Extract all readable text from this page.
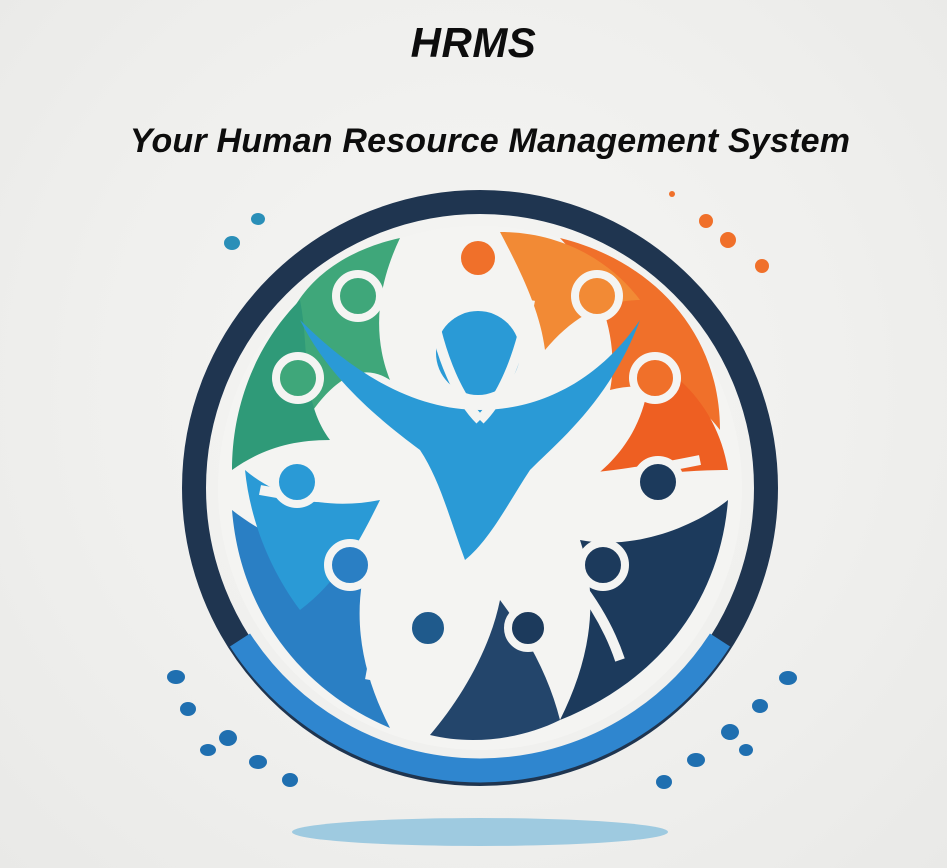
HRMS
Your Human Resource Management System
